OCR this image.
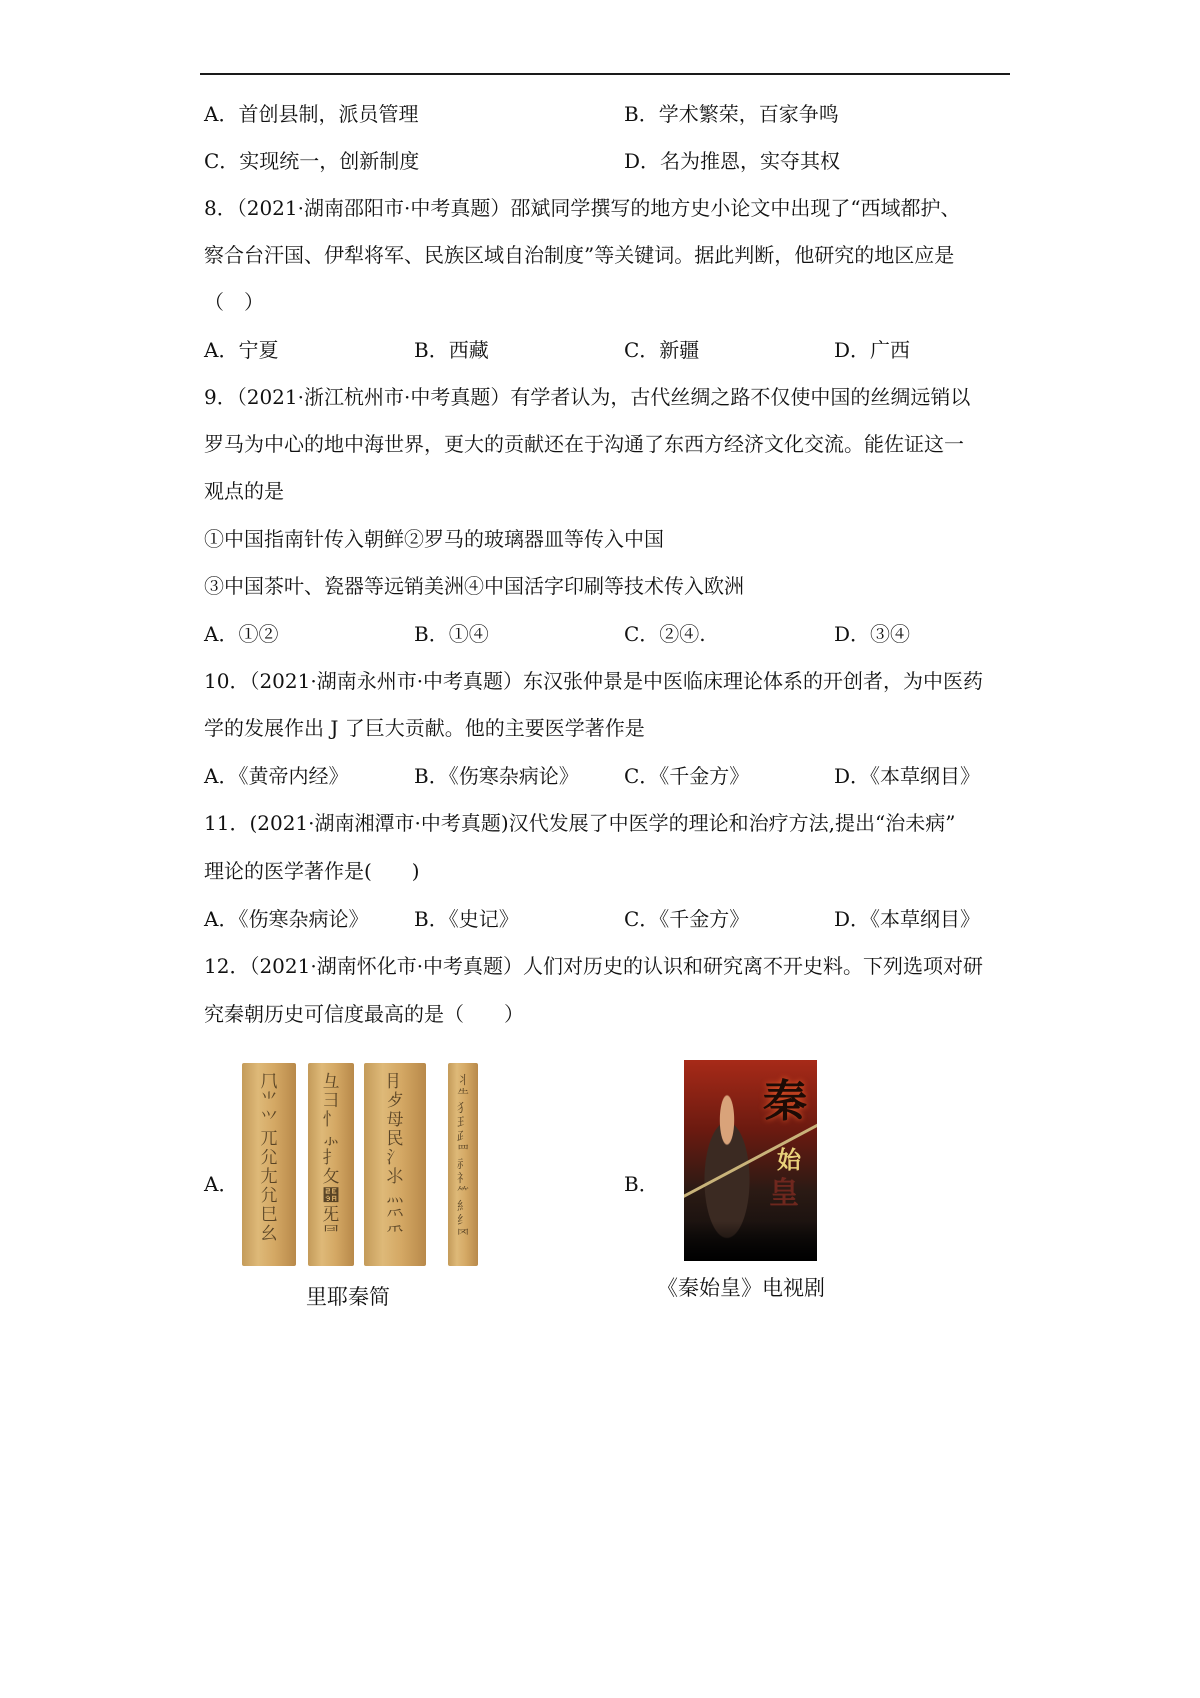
A．首创县制，派员管理	B．学术繁荣，百家争鸣
C．实现统一，创新制度	D．名为推恩，实夺其权
8．（2021·湖南邵阳市·中考真题）邵斌同学撰写的地方史小论文中出现了“西域都护、
察合台汗国、伊犁将军、民族区域自治制度”等关键词。据此判断，他研究的地区应是
（　）
A．宁夏	B．西藏	C．新疆	D．广西
9．（2021·浙江杭州市·中考真题）有学者认为，古代丝绸之路不仅使中国的丝绸远销以
罗马为中心的地中海世界，更大的贡献还在于沟通了东西方经济文化交流。能佐证这一
观点的是
①中国指南针传入朝鲜②罗马的玻璃器皿等传入中国
③中国茶叶、瓷器等远销美洲④中国活字印刷等技术传入欧洲
A．①②	B．①④	C．②④.	D．③④
10．（2021·湖南永州市·中考真题）东汉张仲景是中医临床理论体系的开创者，为中医药
学的发展作出 J 了巨大贡献。他的主要医学著作是
A．《黄帝内经》	B．《伤寒杂病论》 C．《千金方》	D．《本草纲目》
11．(2021·湖南湘潭市·中考真题)汉代发展了中医学的理论和治疗方法,提出“治未病”
理论的医学著作是(　　)
A．《伤寒杂病论》 B．《史记》	C．《千金方》	D．《本草纲目》
12．（2021·湖南怀化市·中考真题）人们对历史的认识和研究离不开史料。下列选项对研
究秦朝历史可信度最高的是（　　）
A．
⺇
⺌
⺍
⺎
⺏
⺐
⺑
⺒
⺓
⺔
⺕
⺖
⺗
⺘
⺙
⺚
⺛
⺜
⺝
⺞
⺟
⺠
⺡
⺢
⺣
⺤
⺥
⺦
⺧
⺨
⺩
⺪
⺫
⺬
⺭
⺮
⺯
⺰
⺱
里耶秦简
B．
秦
始
皇
《秦始皇》电视剧
